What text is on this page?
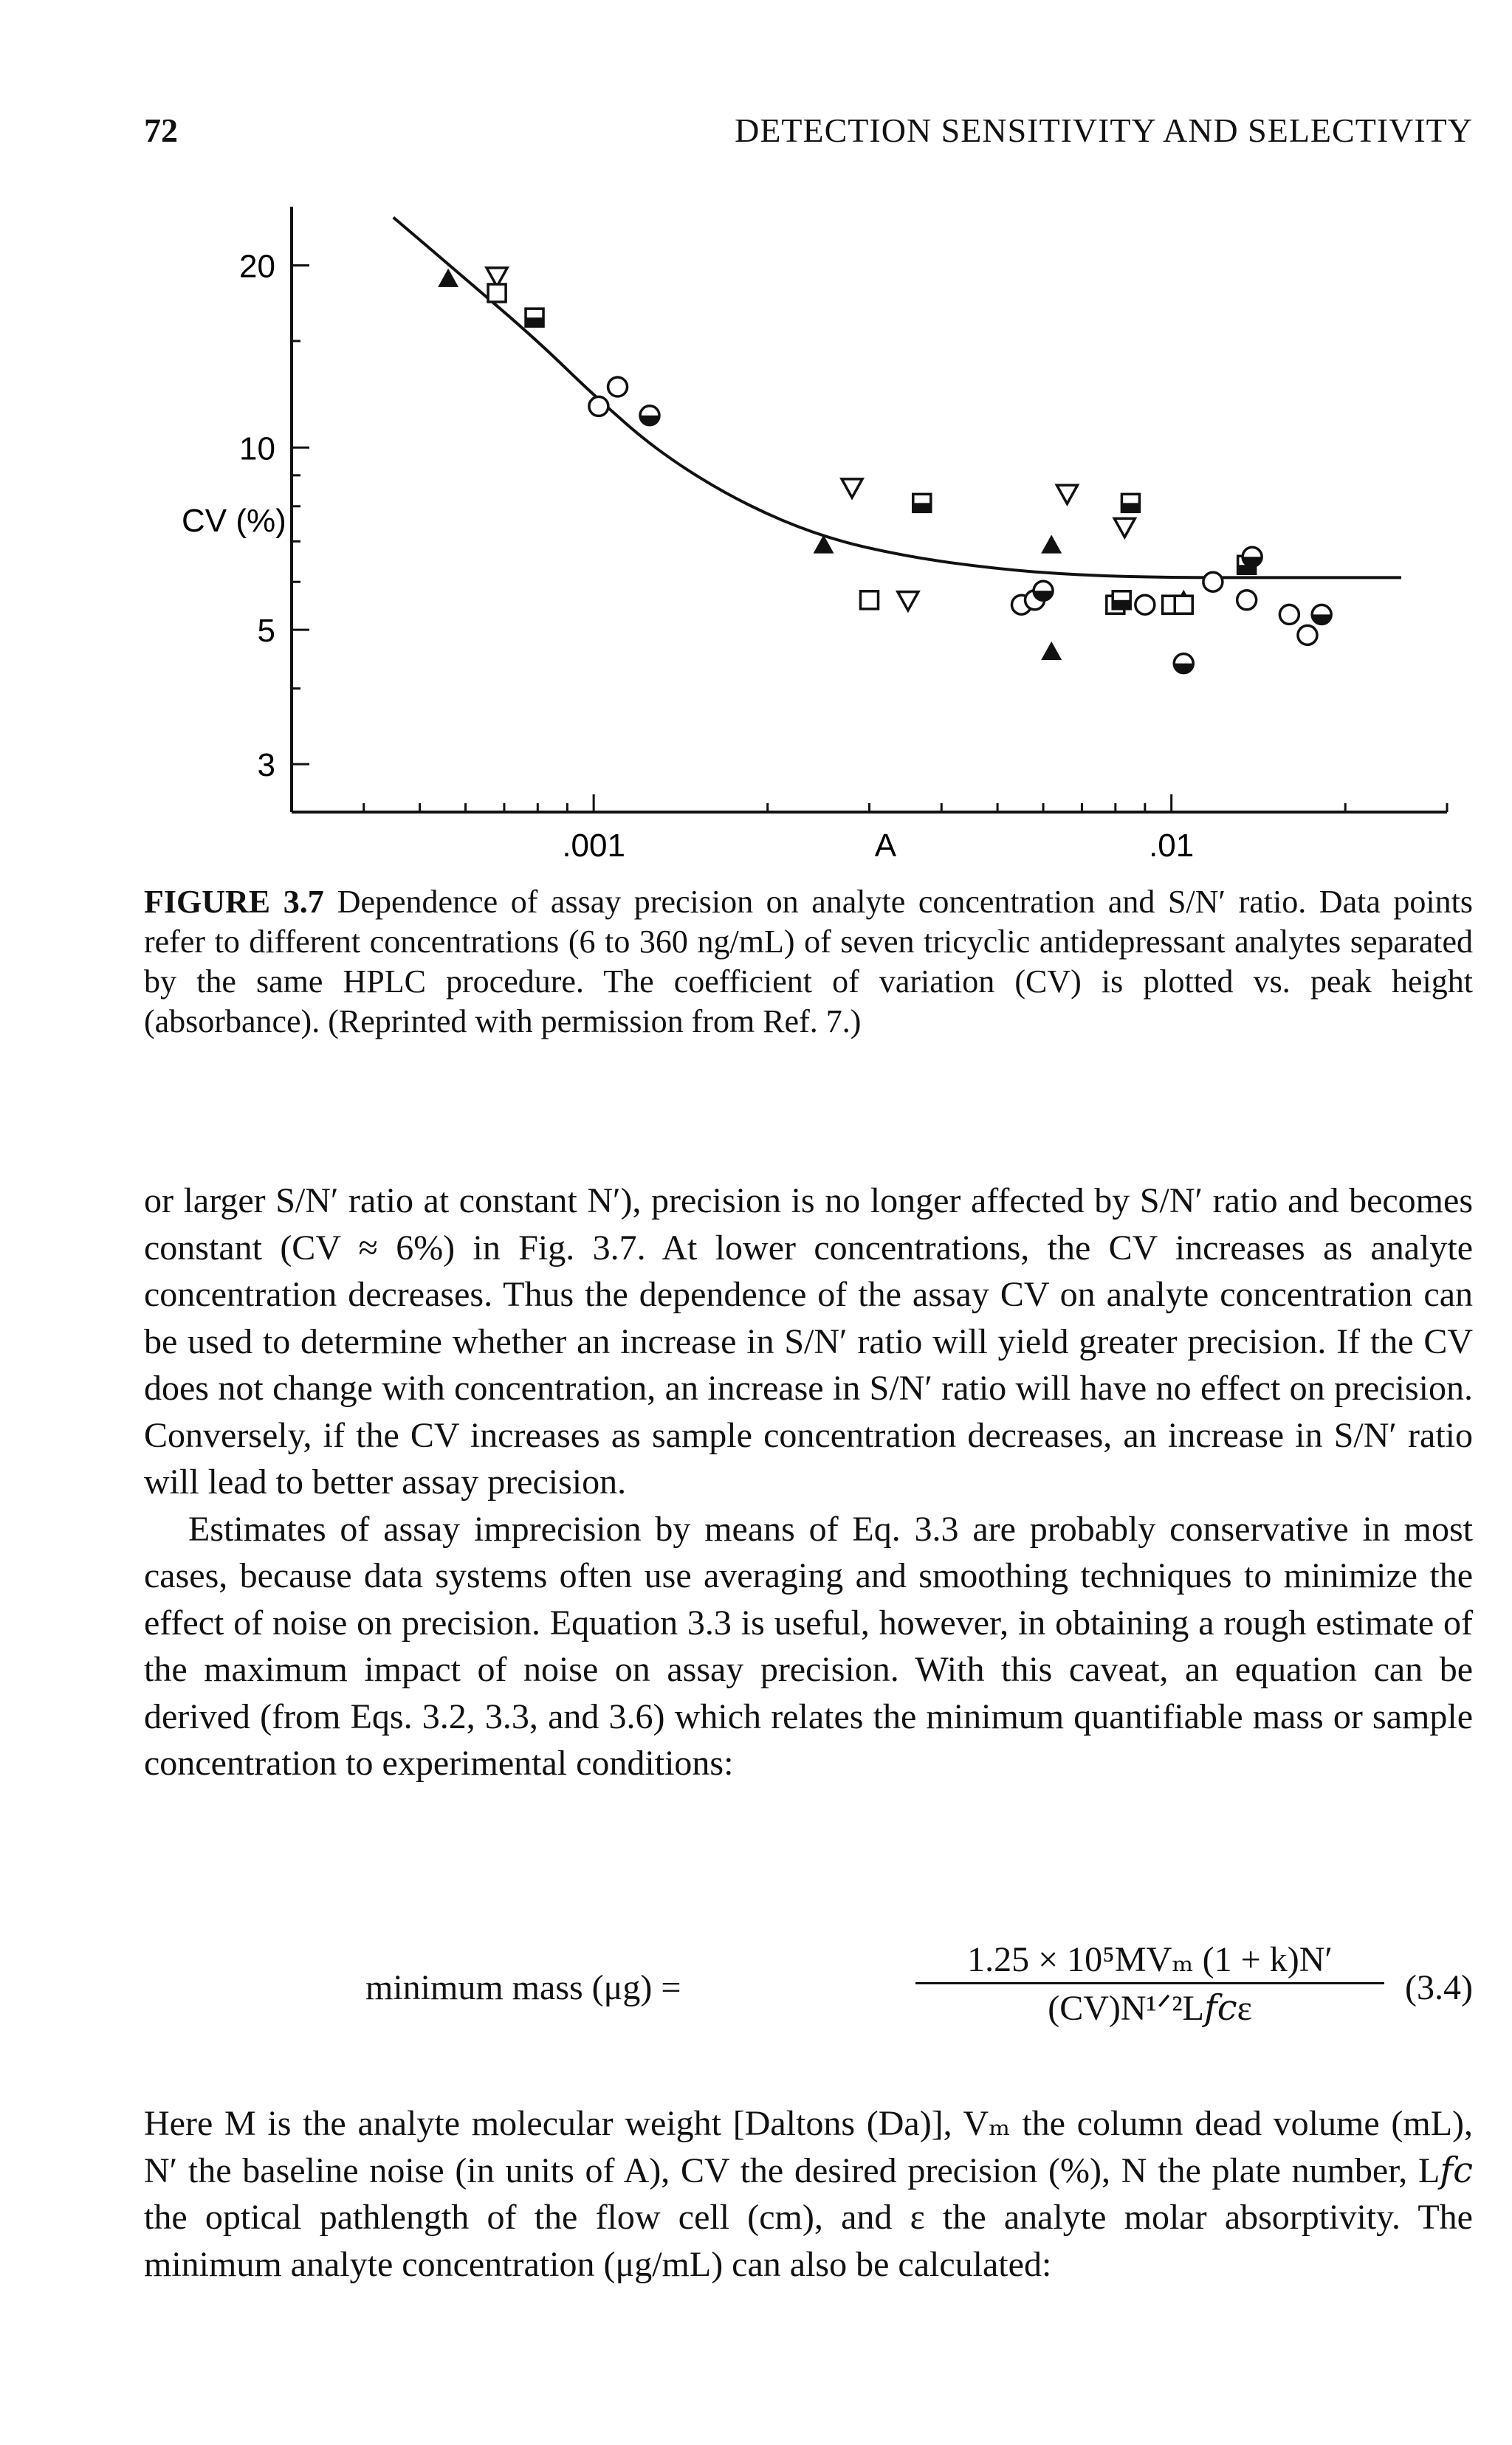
72	DETECTION SENSITIVITY AND SELECTIVITY
CV (%)
20
10
5
3
.001	A	.01
FIGURE 3.7 Dependence of assay precision on analyte concentration and S/N′ ratio. Data points refer to different concentrations (6 to 360 ng/mL) of seven tricyclic antidepressant analytes separated by the same HPLC procedure. The coefficient of variation (CV) is plotted vs. peak height (absorbance). (Reprinted with permission from Ref. 7.)

or larger S/N′ ratio at constant N′), precision is no longer affected by S/N′ ratio and becomes constant (CV ≈ 6%) in Fig. 3.7. At lower concentrations, the CV increases as analyte concentration decreases. Thus the dependence of the assay CV on analyte concentration can be used to determine whether an increase in S/N′ ratio will yield greater precision. If the CV does not change with concentration, an increase in S/N′ ratio will have no effect on precision. Conversely, if the CV increases as sample concentration decreases, an increase in S/N′ ratio will lead to better assay precision.

Estimates of assay imprecision by means of Eq. 3.3 are probably conservative in most cases, because data systems often use averaging and smoothing techniques to minimize the effect of noise on precision. Equation 3.3 is useful, however, in obtaining a rough estimate of the maximum impact of noise on assay precision. With this caveat, an equation can be derived (from Eqs. 3.2, 3.3, and 3.6) which relates the minimum quantifiable mass or sample concentration to experimental conditions:

minimum mass (μg) =
1.25 × 10⁵MVₘ (1 + k)N′
(CV)N¹ᐟ²L𝑓𝑐ε
(3.4)

Here M is the analyte molecular weight [Daltons (Da)], Vₘ the column dead volume (mL), N′ the baseline noise (in units of A), CV the desired precision (%), N the plate number, L𝑓𝑐 the optical pathlength of the flow cell (cm), and ε the analyte molar absorptivity. The minimum analyte concentration (μg/mL) can also be calculated:
